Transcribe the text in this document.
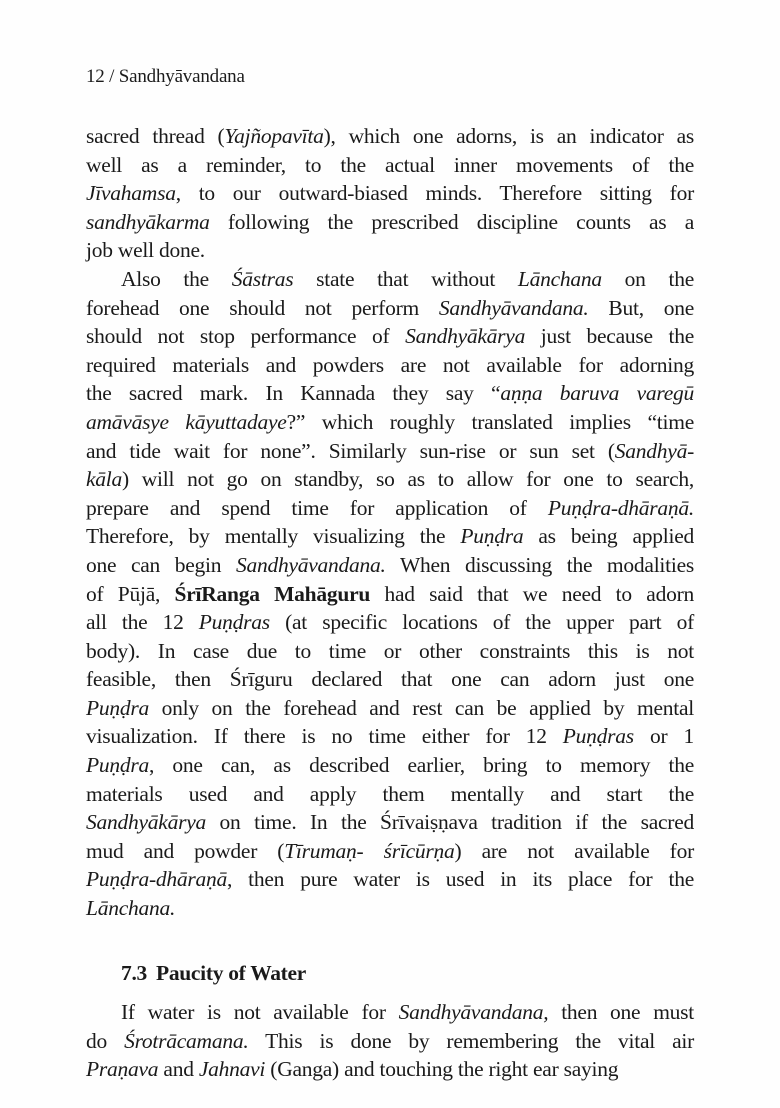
12 / Sandhyāvandana
sacred thread (Yajñopavīta), which one adorns, is an indicator as
well as a reminder, to the actual inner movements of the
Jīvahamsa, to our outward-biased minds. Therefore sitting for
sandhyākarma following the prescribed discipline counts as a
job well done.
Also the Śāstras state that without Lānchana on the
forehead one should not perform Sandhyāvandana. But, one
should not stop performance of Sandhyākārya just because the
required materials and powders are not available for adorning
the sacred mark. In Kannada they say “aṇṇa baruva varegū
amāvāsye kāyuttadaye?” which roughly translated implies “time
and tide wait for none”. Similarly sun-rise or sun set (Sandhyā-
kāla) will not go on standby, so as to allow for one to search,
prepare and spend time for application of Puṇḍra-dhāraṇā.
Therefore, by mentally visualizing the Puṇḍra as being applied
one can begin Sandhyāvandana. When discussing the modalities
of Pūjā, ŚrīRanga Mahāguru had said that we need to adorn
all the 12 Puṇḍras (at specific locations of the upper part of
body). In case due to time or other constraints this is not
feasible, then Śrīguru declared that one can adorn just one
Puṇḍra only on the forehead and rest can be applied by mental
visualization. If there is no time either for 12 Puṇḍras or 1
Puṇḍra, one can, as described earlier, bring to memory the
materials used and apply them mentally and start the
Sandhyākārya on time. In the Śrīvaiṣṇava tradition if the sacred
mud and powder (Tīrumaṇ- śrīcūrṇa) are not available for
Puṇḍra-dhāraṇā, then pure water is used in its place for the
Lānchana.
7.3 Paucity of Water
If water is not available for Sandhyāvandana, then one must
do Śrotrācamana. This is done by remembering the vital air
Praṇava and Jahnavi (Ganga) and touching the right ear saying
